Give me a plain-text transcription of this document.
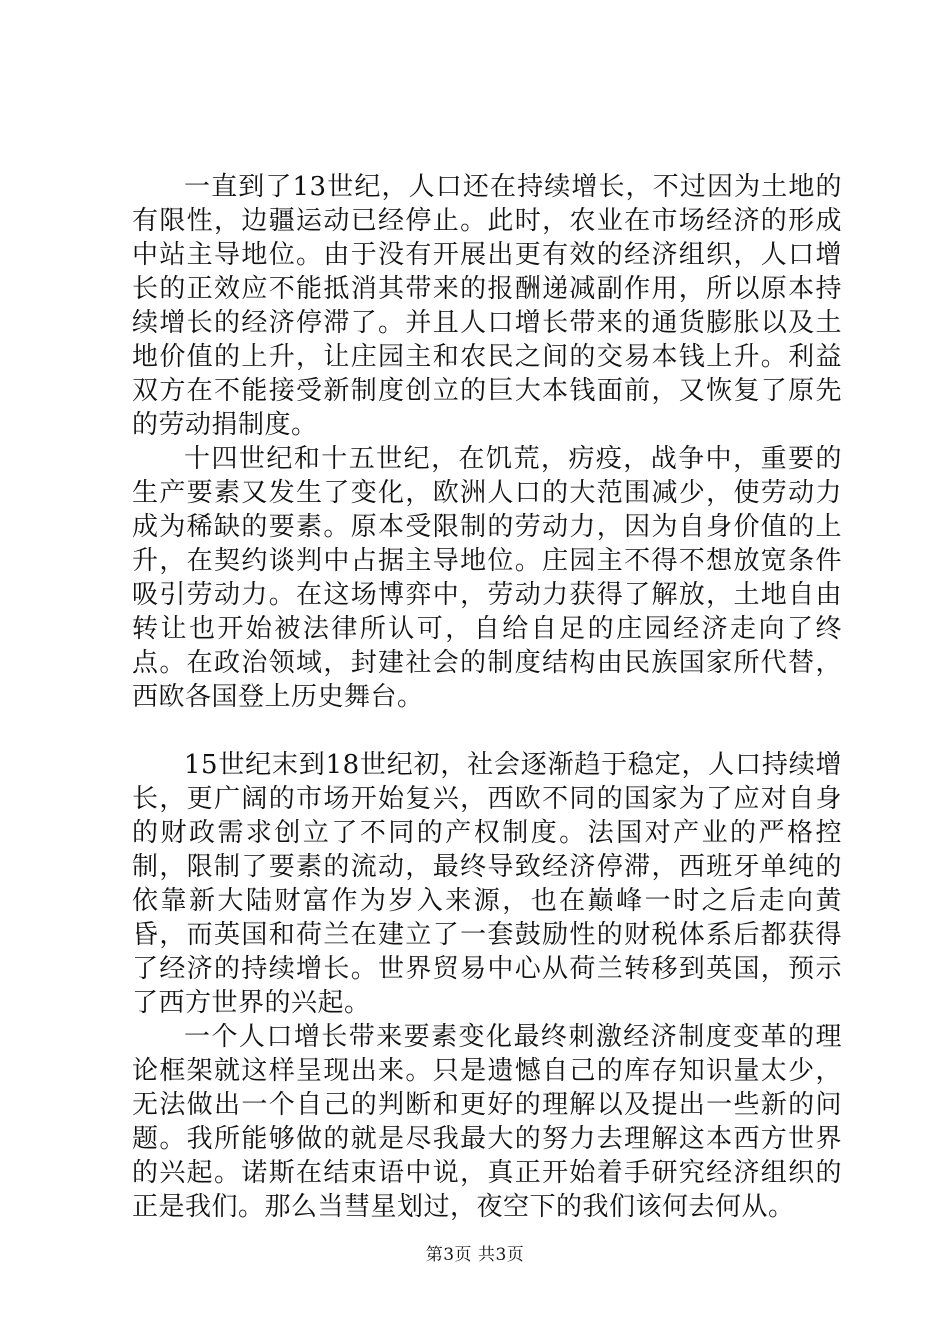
一直到了13世纪，人口还在持续增长，不过因为土地的有限性，边疆运动已经停止。此时，农业在市场经济的形成中站主导地位。由于没有开展出更有效的经济组织，人口增长的正效应不能抵消其带来的报酬递减副作用，所以原本持续增长的经济停滞了。并且人口增长带来的通货膨胀以及土地价值的上升，让庄园主和农民之间的交易本钱上升。利益双方在不能接受新制度创立的巨大本钱面前，又恢复了原先的劳动捐制度。

十四世纪和十五世纪，在饥荒，疠疫，战争中，重要的生产要素又发生了变化，欧洲人口的大范围减少，使劳动力成为稀缺的要素。原本受限制的劳动力，因为自身价值的上升，在契约谈判中占据主导地位。庄园主不得不想放宽条件吸引劳动力。在这场博弈中，劳动力获得了解放，土地自由转让也开始被法律所认可，自给自足的庄园经济走向了终点。在政治领域，封建社会的制度结构由民族国家所代替，西欧各国登上历史舞台。

15世纪末到18世纪初，社会逐渐趋于稳定，人口持续增长，更广阔的市场开始复兴，西欧不同的国家为了应对自身的财政需求创立了不同的产权制度。法国对产业的严格控制，限制了要素的流动，最终导致经济停滞，西班牙单纯的依靠新大陆财富作为岁入来源，也在巅峰一时之后走向黄昏，而英国和荷兰在建立了一套鼓励性的财税体系后都获得了经济的持续增长。世界贸易中心从荷兰转移到英国，预示了西方世界的兴起。

一个人口增长带来要素变化最终刺激经济制度变革的理论框架就这样呈现出来。只是遗憾自己的库存知识量太少，无法做出一个自己的判断和更好的理解以及提出一些新的问题。我所能够做的就是尽我最大的努力去理解这本西方世界的兴起。诺斯在结束语中说，真正开始着手研究经济组织的正是我们。那么当彗星划过，夜空下的我们该何去何从。

第3页 共3页
